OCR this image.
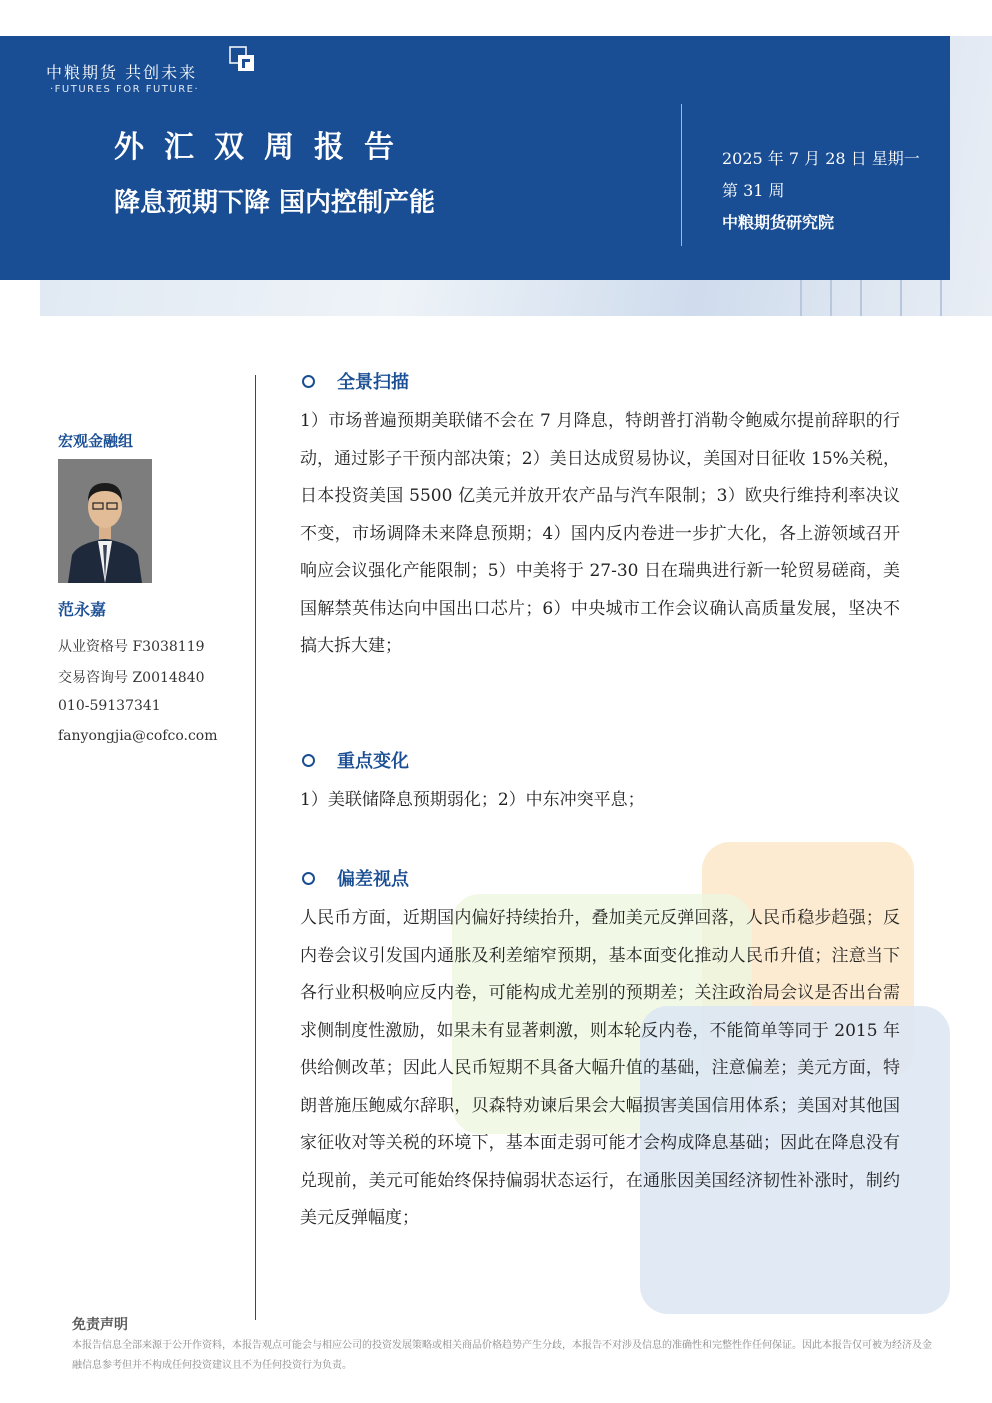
中粮期货 共创未来
·FUTURES FOR FUTURE·
外汇双周报告
降息预期下降 国内控制产能
2025 年 7 月 28 日 星期一
第 31 周
中粮期货研究院
宏观金融组
范永嘉
从业资格号 F3038119
交易咨询号 Z0014840
010-59137341
fanyongjia@cofco.com
全景扫描
1）市场普遍预期美联储不会在 7 月降息，特朗普打消勒令鲍威尔提前辞职的行动，通过影子干预内部决策；2）美日达成贸易协议，美国对日征收 15%关税，日本投资美国 5500 亿美元并放开农产品与汽车限制；3）欧央行维持利率决议不变，市场调降未来降息预期；4）国内反内卷进一步扩大化，各上游领域召开响应会议强化产能限制；5）中美将于 27-30 日在瑞典进行新一轮贸易磋商，美国解禁英伟达向中国出口芯片；6）中央城市工作会议确认高质量发展，坚决不搞大拆大建；
重点变化
1）美联储降息预期弱化；2）中东冲突平息；
偏差视点
人民币方面，近期国内偏好持续抬升，叠加美元反弹回落，人民币稳步趋强；反内卷会议引发国内通胀及利差缩窄预期，基本面变化推动人民币升值；注意当下各行业积极响应反内卷，可能构成尤差别的预期差；关注政治局会议是否出台需求侧制度性激励，如果未有显著刺激，则本轮反内卷，不能简单等同于 2015 年供给侧改革；因此人民币短期不具备大幅升值的基础，注意偏差；美元方面，特朗普施压鲍威尔辞职，贝森特劝谏后果会大幅损害美国信用体系；美国对其他国家征收对等关税的环境下，基本面走弱可能才会构成降息基础；因此在降息没有兑现前，美元可能始终保持偏弱状态运行，在通胀因美国经济韧性补涨时，制约美元反弹幅度；
免责声明
本报告信息全部来源于公开作资料，本报告观点可能会与相应公司的投资发展策略或相关商品价格趋势产生分歧，本报告不对涉及信息的准确性和完整性作任何保证。因此本报告仅可被为经济及金融信息参考但并不构成任何投资建议且不为任何投资行为负责。
